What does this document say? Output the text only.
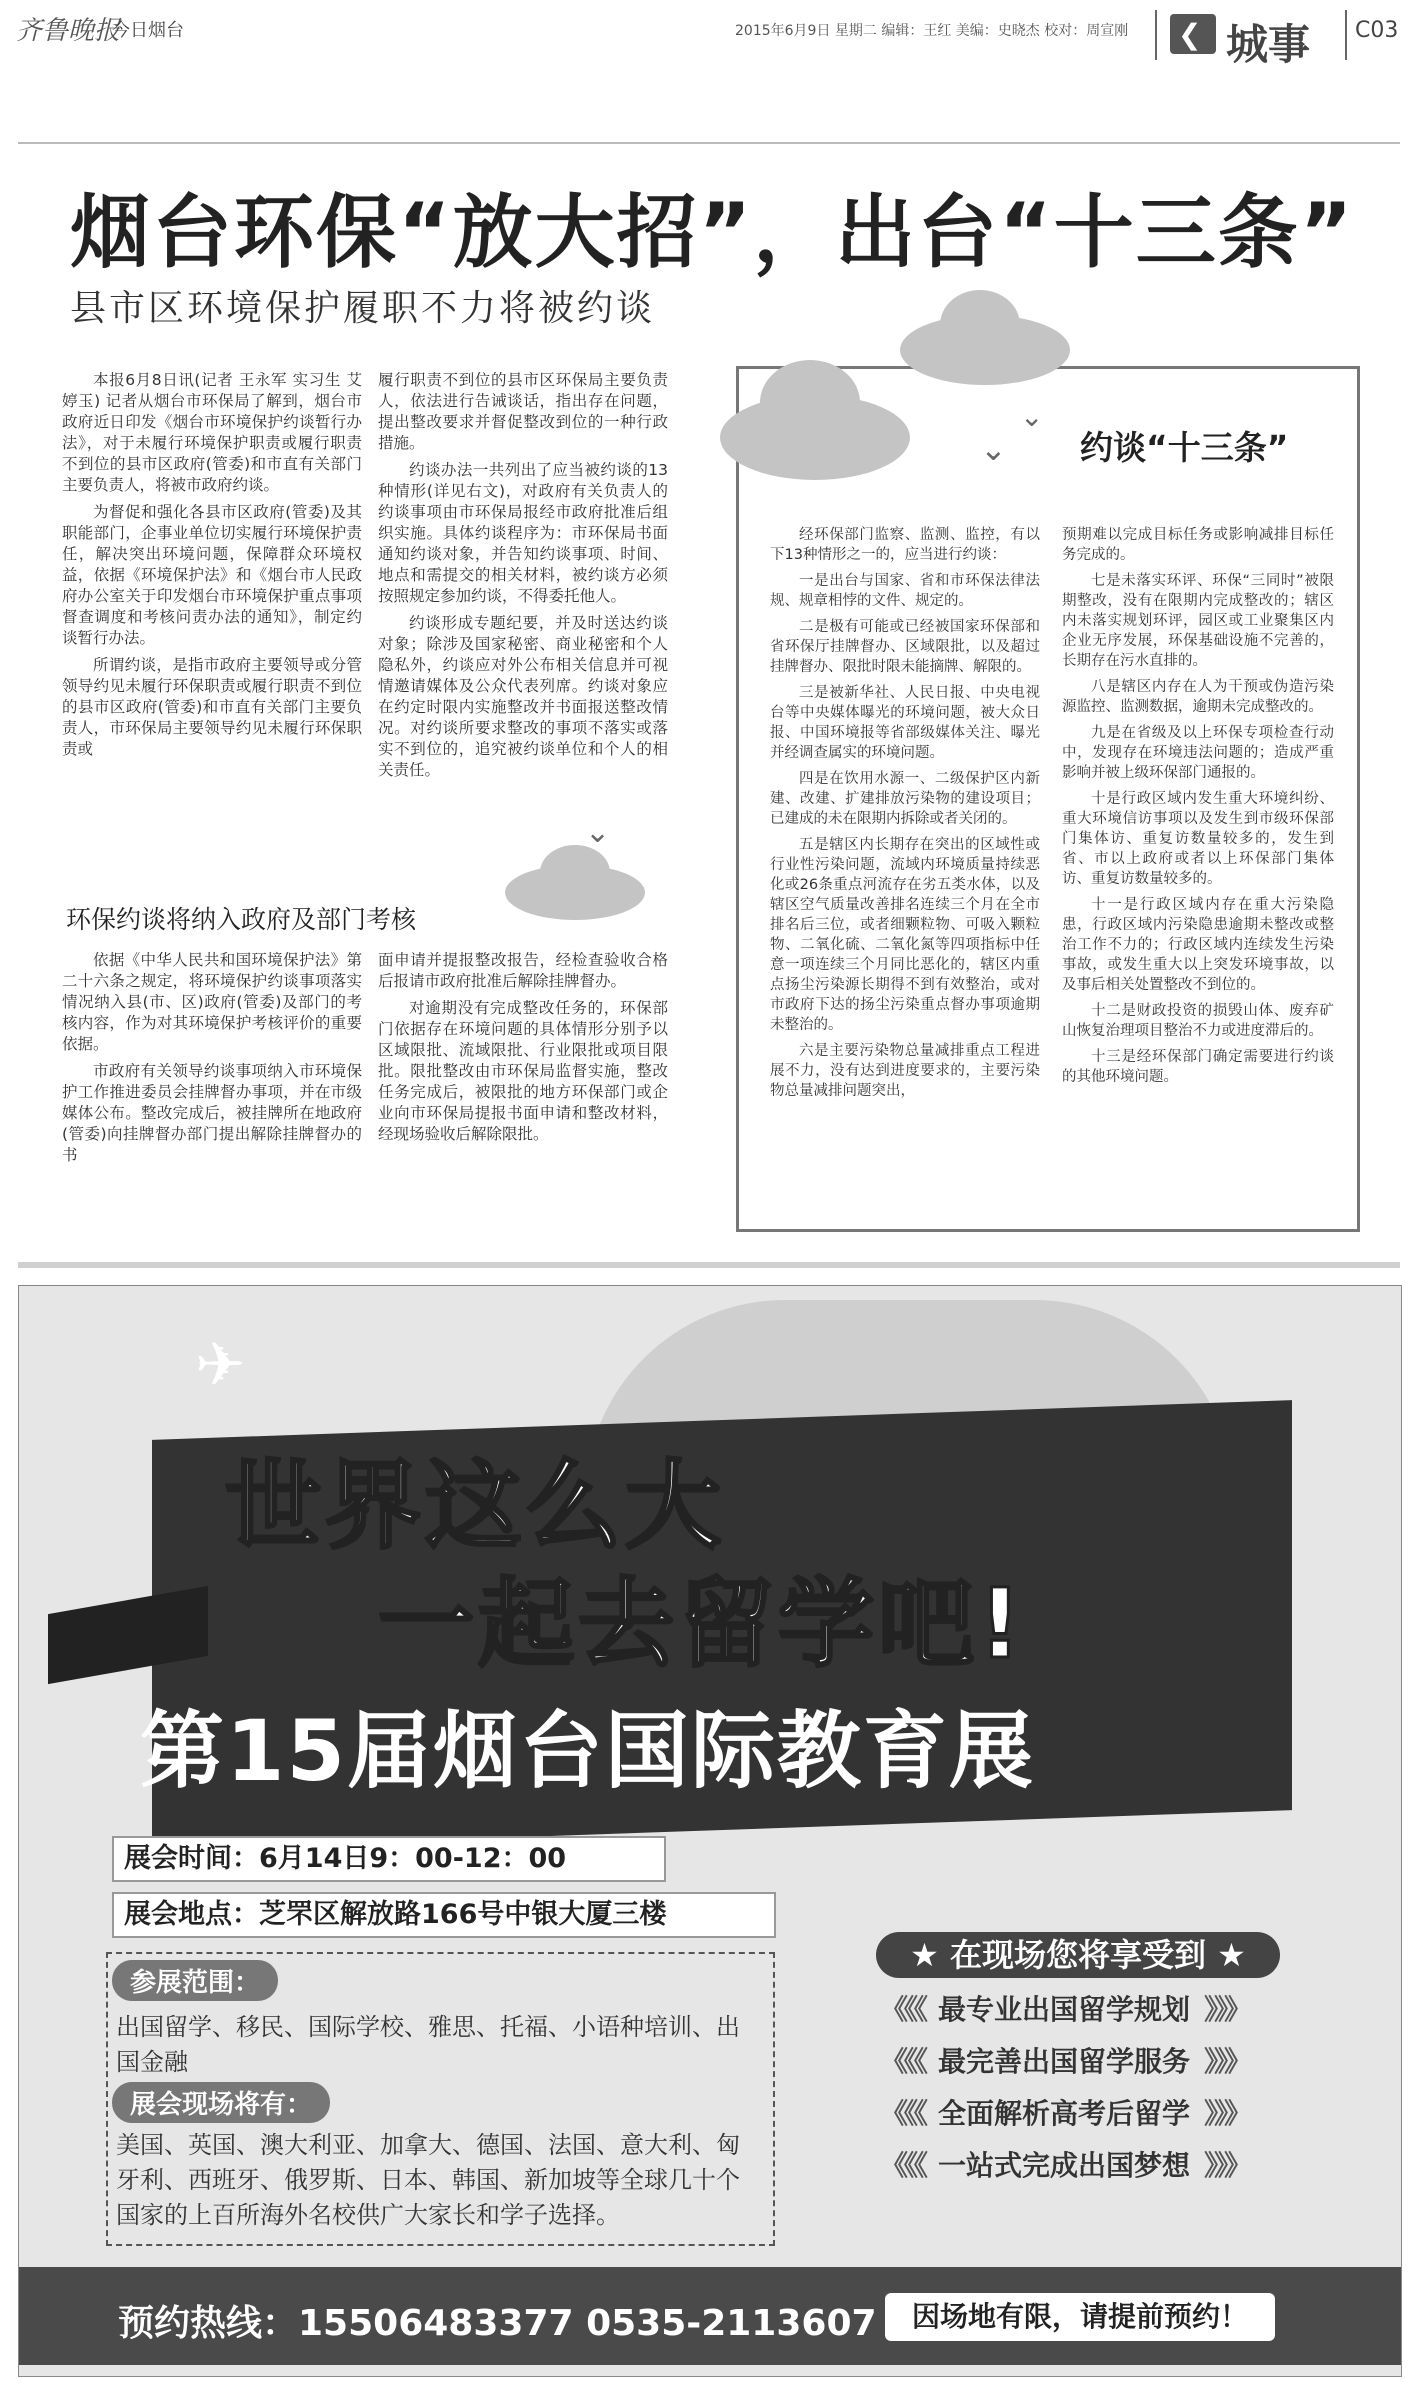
齐鲁晚报
今日烟台	2015年6月9日 星期二 编辑：王红 美编：史晓杰 校对：周宣刚 ❮ 城事 C03
烟台环保“放大招”，出台“十三条”
县市区环境保护履职不力将被约谈

本报6月8日讯(记者 王永军 实习生 艾婷玉) 记者从烟台市环保局了解到，烟台市政府近日印发《烟台市环境保护约谈暂行办法》，对于未履行环境保护职责或履行职责不到位的县市区政府(管委)和市直有关部门主要负责人，将被市政府约谈。

为督促和强化各县市区政府(管委)及其职能部门，企事业单位切实履行环境保护责任，解决突出环境问题，保障群众环境权益，依据《环境保护法》和《烟台市人民政府办公室关于印发烟台市环境保护重点事项督查调度和考核问责办法的通知》，制定约谈暂行办法。

所谓约谈，是指市政府主要领导或分管领导约见未履行环保职责或履行职责不到位的县市区政府(管委)和市直有关部门主要负责人，市环保局主要领导约见未履行环保职责或

履行职责不到位的县市区环保局主要负责人，依法进行告诫谈话，指出存在问题，提出整改要求并督促整改到位的一种行政措施。

约谈办法一共列出了应当被约谈的13种情形(详见右文)，对政府有关负责人的约谈事项由市环保局报经市政府批准后组织实施。具体约谈程序为：市环保局书面通知约谈对象，并告知约谈事项、时间、地点和需提交的相关材料，被约谈方必须按照规定参加约谈，不得委托他人。

约谈形成专题纪要，并及时送达约谈对象；除涉及国家秘密、商业秘密和个人隐私外，约谈应对外公布相关信息并可视情邀请媒体及公众代表列席。约谈对象应在约定时限内实施整改并书面报送整改情况。对约谈所要求整改的事项不落实或落实不到位的，追究被约谈单位和个人的相关责任。

⌄
环保约谈将纳入政府及部门考核

依据《中华人民共和国环境保护法》第二十六条之规定，将环境保护约谈事项落实情况纳入县(市、区)政府(管委)及部门的考核内容，作为对其环境保护考核评价的重要依据。

市政府有关领导约谈事项纳入市环境保护工作推进委员会挂牌督办事项，并在市级媒体公布。整改完成后，被挂牌所在地政府(管委)向挂牌督办部门提出解除挂牌督办的书

面申请并提报整改报告，经检查验收合格后报请市政府批准后解除挂牌督办。

对逾期没有完成整改任务的，环保部门依据存在环境问题的具体情形分别予以区域限批、流域限批、行业限批或项目限批。限批整改由市环保局监督实施，整改任务完成后，被限批的地方环保部门或企业向市环保局提报书面申请和整改材料，经现场验收后解除限批。

⌄
⌄
约谈“十三条”

经环保部门监察、监测、监控，有以下13种情形之一的，应当进行约谈：

一是出台与国家、省和市环保法律法规、规章相悖的文件、规定的。

二是极有可能或已经被国家环保部和省环保厅挂牌督办、区域限批，以及超过挂牌督办、限批时限未能摘牌、解限的。

三是被新华社、人民日报、中央电视台等中央媒体曝光的环境问题，被大众日报、中国环境报等省部级媒体关注、曝光并经调查属实的环境问题。

四是在饮用水源一、二级保护区内新建、改建、扩建排放污染物的建设项目；已建成的未在限期内拆除或者关闭的。

五是辖区内长期存在突出的区域性或行业性污染问题，流域内环境质量持续恶化或26条重点河流存在劣五类水体，以及辖区空气质量改善排名连续三个月在全市排名后三位，或者细颗粒物、可吸入颗粒物、二氧化硫、二氧化氮等四项指标中任意一项连续三个月同比恶化的，辖区内重点扬尘污染源长期得不到有效整治，或对市政府下达的扬尘污染重点督办事项逾期未整治的。

六是主要污染物总量减排重点工程进展不力，没有达到进度要求的，主要污染物总量减排问题突出，

预期难以完成目标任务或影响减排目标任务完成的。

七是未落实环评、环保“三同时”被限期整改，没有在限期内完成整改的；辖区内未落实规划环评，园区或工业聚集区内企业无序发展，环保基础设施不完善的，长期存在污水直排的。

八是辖区内存在人为干预或伪造污染源监控、监测数据，逾期未完成整改的。

九是在省级及以上环保专项检查行动中，发现存在环境违法问题的；造成严重影响并被上级环保部门通报的。

十是行政区域内发生重大环境纠纷、重大环境信访事项以及发生到市级环保部门集体访、重复访数量较多的，发生到省、市以上政府或者以上环保部门集体访、重复访数量较多的。

十一是行政区域内存在重大污染隐患，行政区域内污染隐患逾期未整改或整治工作不力的；行政区域内连续发生污染事故，或发生重大以上突发环境事故，以及事后相关处置整改不到位的。

十二是财政投资的损毁山体、废弃矿山恢复治理项目整治不力或进度滞后的。

十三是经环保部门确定需要进行约谈的其他环境问题。

✈
世界这么大
一起去留学吧!
第15届烟台国际教育展
展会时间：6月14日9：00-12：00
展会地点：芝罘区解放路166号中银大厦三楼
参展范围：
出国留学、移民、国际学校、雅思、托福、小语种培训、出国金融
展会现场将有：
美国、英国、澳大利亚、加拿大、德国、法国、意大利、匈牙利、西班牙、俄罗斯、日本、韩国、新加坡等全球几十个国家的上百所海外名校供广大家长和学子选择。
★ 在现场您将享受到 ★
《《《 最专业出国留学规划 》》》
《《《 最完善出国留学服务 》》》
《《《 全面解析高考后留学 》》》
《《《 一站式完成出国梦想 》》》
预约热线：15506483377 0535-2113607	因场地有限，请提前预约！
